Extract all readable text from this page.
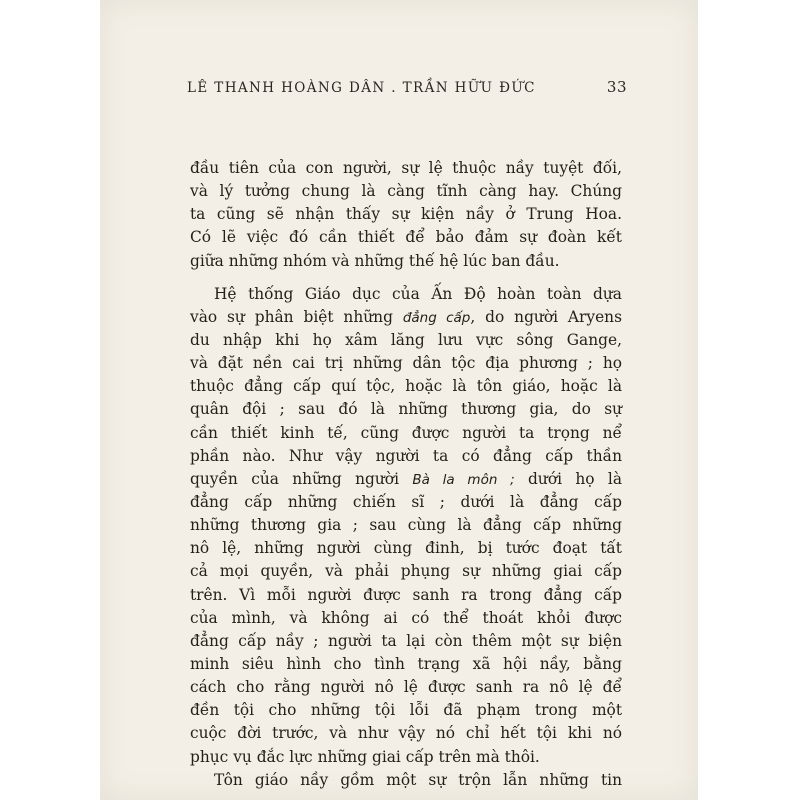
LÊ THANH HOÀNG DÂN . TRẦN HỮU ĐỨC	33
đầu tiên của con người, sự lệ thuộc nầy tuyệt đối,
và lý tưởng chung là càng tĩnh càng hay. Chúng
ta cũng sẽ nhận thấy sự kiện nầy ở Trung Hoa.
Có lẽ việc đó cần thiết để bảo đảm sự đoàn kết
giữa những nhóm và những thế hệ lúc ban đầu.
Hệ thống Giáo dục của Ấn Độ hoàn toàn dựa
vào sự phân biệt những đẳng cấp, do người Aryens
du nhập khi họ xâm lăng lưu vực sông Gange,
và đặt nền cai trị những dân tộc địa phương ; họ
thuộc đẳng cấp quí tộc, hoặc là tôn giáo, hoặc là
quân đội ; sau đó là những thương gia, do sự
cần thiết kinh tế, cũng được người ta trọng nể
phần nào. Như vậy người ta có đẳng cấp thần
quyền của những người Bà la môn ; dưới họ là
đẳng cấp những chiến sĩ ; dưới là đẳng cấp
những thương gia ; sau cùng là đẳng cấp những
nô lệ, những người cùng đinh, bị tước đoạt tất
cả mọi quyền, và phải phụng sự những giai cấp
trên. Vì mỗi người được sanh ra trong đẳng cấp
của mình, và không ai có thể thoát khỏi được
đẳng cấp nầy ; người ta lại còn thêm một sự biện
minh siêu hình cho tình trạng xã hội nầy, bằng
cách cho rằng người nô lệ được sanh ra nô lệ để
đền tội cho những tội lỗi đã phạm trong một
cuộc đời trước, và như vậy nó chỉ hết tội khi nó
phục vụ đắc lực những giai cấp trên mà thôi.
Tôn giáo nầy gồm một sự trộn lẫn những tin
